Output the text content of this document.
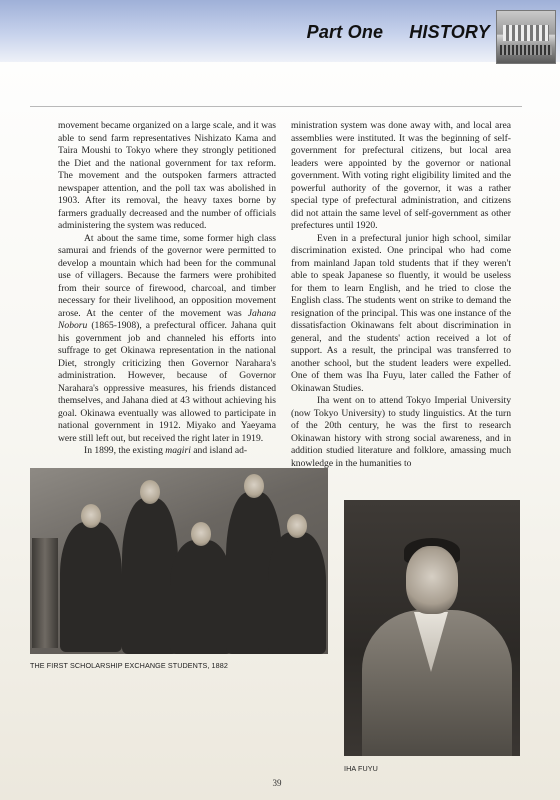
Part One HISTORY

movement became organized on a large scale, and it was able to send farm representatives Nishizato Kama and Taira Moushi to Tokyo where they strongly petitioned the Diet and the national government for tax reform. The movement and the outspoken farmers attracted newspaper attention, and the poll tax was abolished in 1903. After its removal, the heavy taxes borne by farmers gradually decreased and the number of officials administering the system was reduced.

At about the same time, some former high class samurai and friends of the governor were permitted to develop a mountain which had been for the communal use of villagers. Because the farmers were prohibited from their source of firewood, charcoal, and timber necessary for their livelihood, an opposition movement arose. At the center of the movement was Jahana Noboru (1865-1908), a prefectural officer. Jahana quit his government job and channeled his efforts into suffrage to get Okinawa representation in the national Diet, strongly criticizing then Governor Narahara's administration. However, because of Governor Narahara's oppressive measures, his friends distanced themselves, and Jahana died at 43 without achieving his goal. Okinawa eventually was allowed to participate in national government in 1912. Miyako and Yaeyama were still left out, but received the right later in 1919.

In 1899, the existing magiri and island ad-

ministration system was done away with, and local area assemblies were instituted. It was the beginning of self-government for prefectural citizens, but local area leaders were appointed by the governor or national government. With voting right eligibility limited and the powerful authority of the governor, it was a rather special type of prefectural administration, and citizens did not attain the same level of self-government as other prefectures until 1920.

Even in a prefectural junior high school, similar discrimination existed. One principal who had come from mainland Japan told students that if they weren't able to speak Japanese so fluently, it would be useless for them to learn English, and he tried to close the English class. The students went on strike to demand the resignation of the principal. This was one instance of the dissatisfaction Okinawans felt about discrimination in general, and the students' action received a lot of support. As a result, the principal was transferred to another school, but the student leaders were expelled. One of them was Iha Fuyu, later called the Father of Okinawan Studies.

Iha went on to attend Tokyo Imperial University (now Tokyo University) to study linguistics. At the turn of the 20th century, he was the first to research Okinawan history with strong social awareness, and in addition studied literature and folklore, amassing much knowledge in the humanities to

THE FIRST SCHOLARSHIP EXCHANGE STUDENTS, 1882
IHA FUYU
39
